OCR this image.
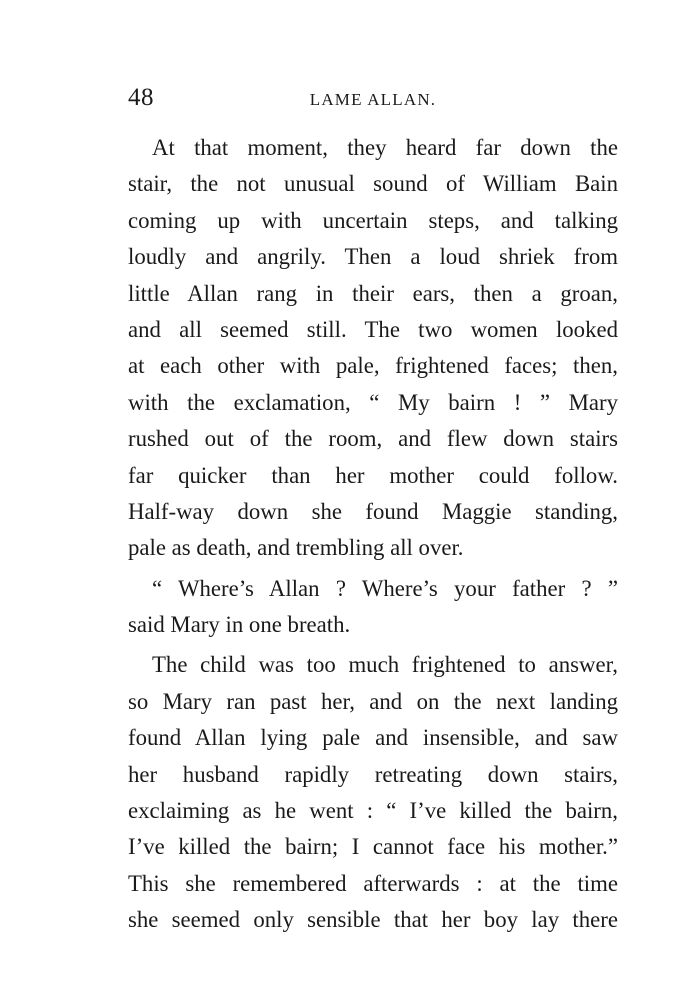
48	LAME ALLAN.
At that moment, they heard far down the
stair, the not unusual sound of William Bain
coming up with uncertain steps, and talking
loudly and angrily. Then a loud shriek from
little Allan rang in their ears, then a groan,
and all seemed still. The two women looked
at each other with pale, frightened faces; then,
with the exclamation, “ My bairn ! ” Mary
rushed out of the room, and flew down stairs
far quicker than her mother could follow.
Half-way down she found Maggie standing,
pale as death, and trembling all over.
“ Where’s Allan ? Where’s your father ? ”
said Mary in one breath.
The child was too much frightened to answer,
so Mary ran past her, and on the next landing
found Allan lying pale and insensible, and saw
her husband rapidly retreating down stairs,
exclaiming as he went : “ I’ve killed the bairn,
I’ve killed the bairn; I cannot face his mother.”
This she remembered afterwards : at the time
she seemed only sensible that her boy lay there
